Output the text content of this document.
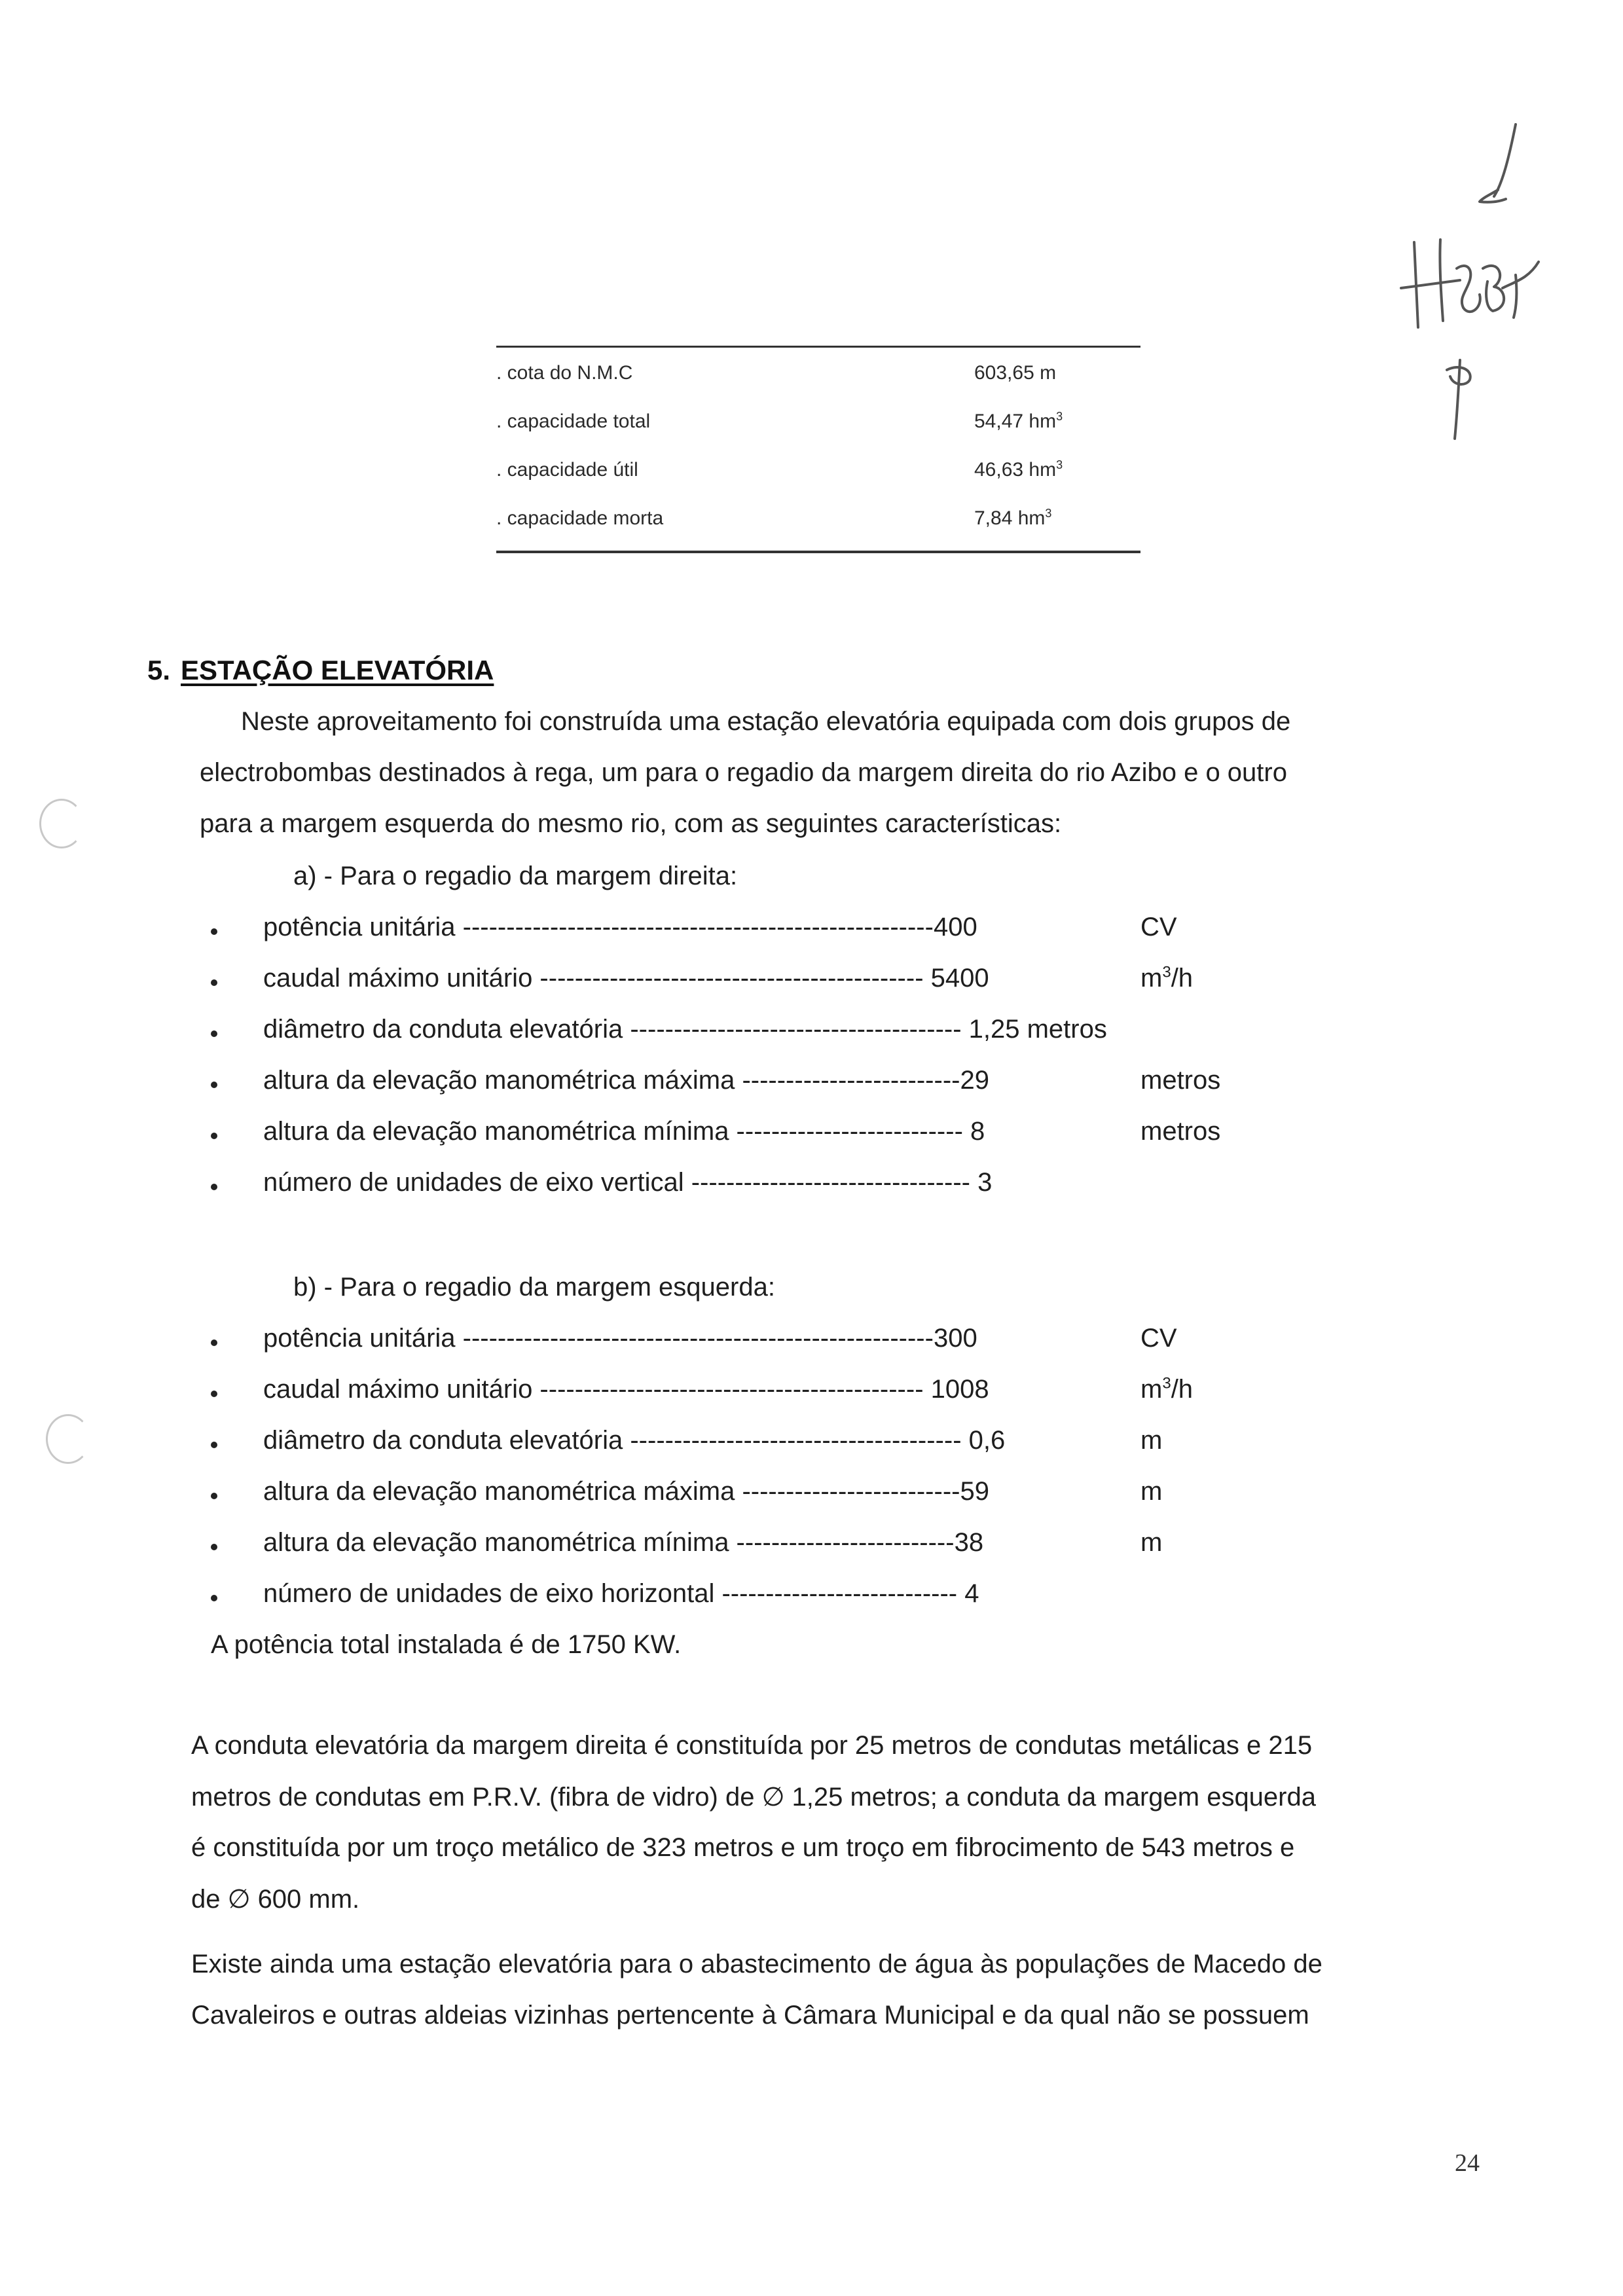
. cota do N.M.C	603,65 m
. capacidade total	54,47 $hm^3$
. capacidade útil	46,63 $hm^3$
. capacidade morta	7,84 $hm^3$
5. ESTAÇÃO ELEVATÓRIA
Neste aproveitamento foi construída uma estação elevatória equipada com dois grupos de
electrobombas destinados à rega, um para o regadio da margem direita do rio Azibo e o outro
para a margem esquerda do mesmo rio, com as seguintes características:
a) - Para o regadio da margem direita:
potência unitária ------------------------------------------------------400	CV
caudal máximo unitário -------------------------------------------- 5400	$m^3/h$
diâmetro da conduta elevatória -------------------------------------- 1,25 metros
altura da elevação manométrica máxima -------------------------29	metros
altura da elevação manométrica mínima -------------------------- 8	metros
número de unidades de eixo vertical -------------------------------- 3
b) - Para o regadio da margem esquerda:
potência unitária ------------------------------------------------------300	CV
caudal máximo unitário -------------------------------------------- 1008	$m^3/h$
diâmetro da conduta elevatória -------------------------------------- 0,6	m
altura da elevação manométrica máxima -------------------------59	m
altura da elevação manométrica mínima -------------------------38	m
número de unidades de eixo horizontal --------------------------- 4
A potência total instalada é de 1750 KW.
A conduta elevatória da margem direita é constituída por 25 metros de condutas metálicas e 215
metros de condutas em P.R.V. (fibra de vidro) de ∅ 1,25 metros; a conduta da margem esquerda
é constituída por um troço metálico de 323 metros e um troço em fibrocimento de 543 metros e
de ∅ 600 mm.
Existe ainda uma estação elevatória para o abastecimento de água às populações de Macedo de
Cavaleiros e outras aldeias vizinhas pertencente à Câmara Municipal e da qual não se possuem
24
